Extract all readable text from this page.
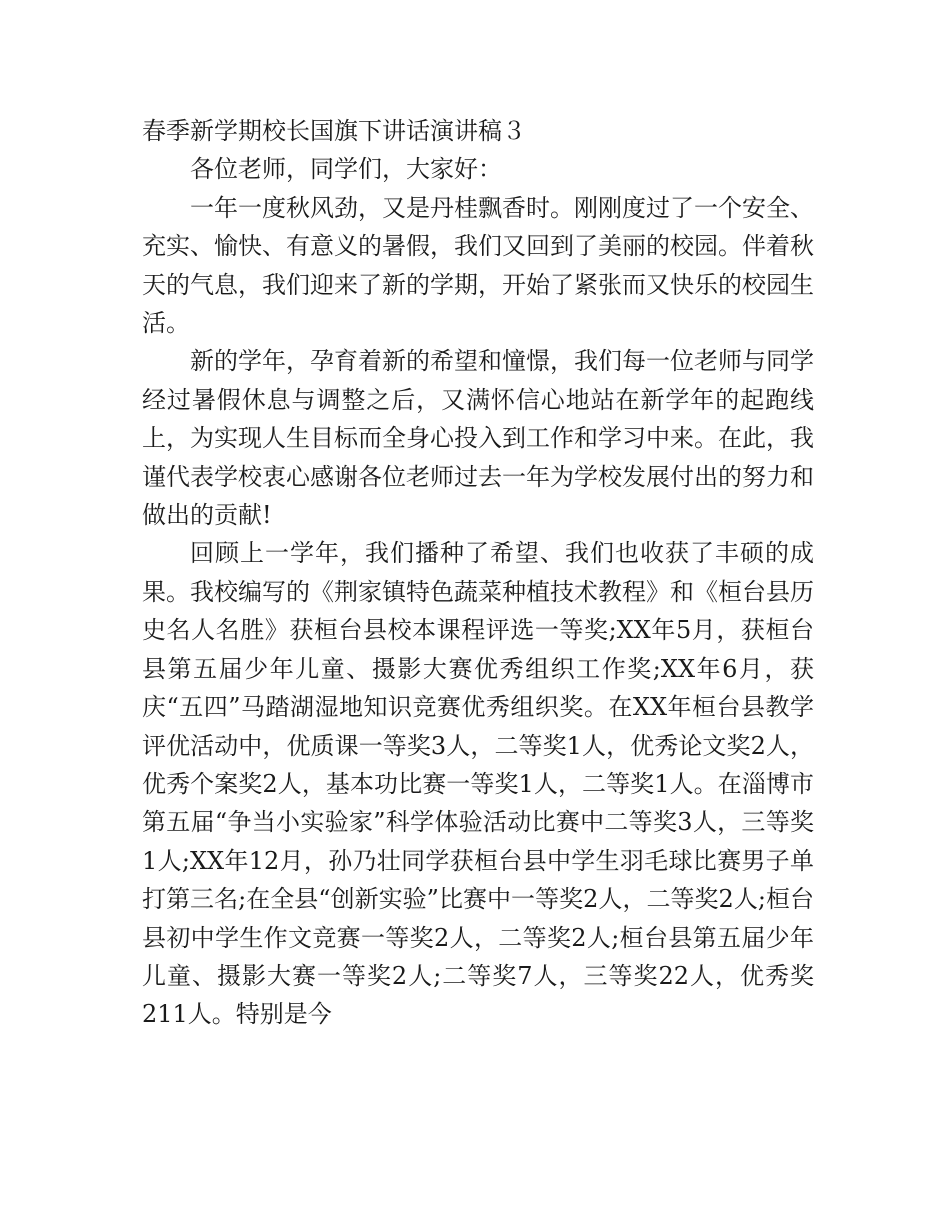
春季新学期校长国旗下讲话演讲稿３

各位老师，同学们，大家好：

一年一度秋风劲，又是丹桂飘香时。刚刚度过了一个安全、充实、愉快、有意义的暑假，我们又回到了美丽的校园。伴着秋天的气息，我们迎来了新的学期，开始了紧张而又快乐的校园生活。

新的学年，孕育着新的希望和憧憬，我们每一位老师与同学经过暑假休息与调整之后，又满怀信心地站在新学年的起跑线上，为实现人生目标而全身心投入到工作和学习中来。在此，我谨代表学校衷心感谢各位老师过去一年为学校发展付出的努力和做出的贡献!

回顾上一学年，我们播种了希望、我们也收获了丰硕的成果。我校编写的《荆家镇特色蔬菜种植技术教程》和《桓台县历史名人名胜》获桓台县校本课程评选一等奖;XX年5月，获桓台县第五届少年儿童、摄影大赛优秀组织工作奖;XX年6月，获庆“五四”马踏湖湿地知识竞赛优秀组织奖。在XX年桓台县教学评优活动中，优质课一等奖3人，二等奖1人，优秀论文奖2人，优秀个案奖2人，基本功比赛一等奖1人，二等奖1人。在淄博市第五届“争当小实验家”科学体验活动比赛中二等奖3人，三等奖1人;XX年12月，孙乃壮同学获桓台县中学生羽毛球比赛男子单打第三名;在全县“创新实验”比赛中一等奖2人，二等奖2人;桓台县初中学生作文竞赛一等奖2人，二等奖2人;桓台县第五届少年儿童、摄影大赛一等奖2人;二等奖7人，三等奖22人，优秀奖211人。特别是今
